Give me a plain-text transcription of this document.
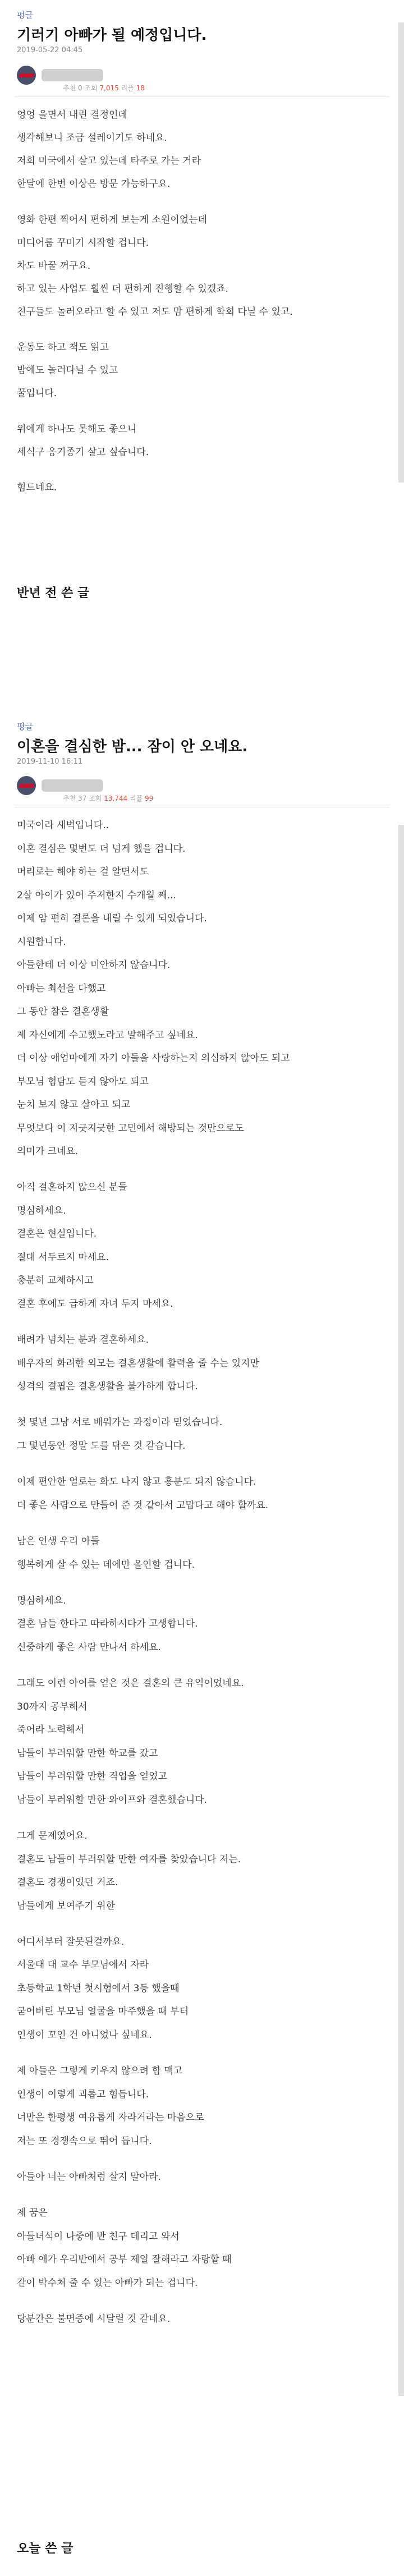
펑글
기러기 아빠가 될 예정입니다.
2019-05-22 04:45
추천 0 조회 7,015 리플 18
엉엉 울면서 내린 결정인데
생각해보니 조금 설레이기도 하네요.
저희 미국에서 살고 있는데 타주로 가는 거라
한달에 한번 이상은 방문 가능하구요.
영화 한편 찍어서 편하게 보는게 소원이었는데
미디어룸 꾸미기 시작할 겁니다.
차도 바꿀 꺼구요.
하고 있는 사업도 훨씬 더 편하게 진행할 수 있겠죠.
친구들도 놀러오라고 할 수 있고 저도 맘 편하게 학회 다닐 수 있고.
운동도 하고 책도 읽고
밤에도 놀러다닐 수 있고
꿀입니다.
위에게 하나도 못해도 좋으니
세식구 옹기종기 살고 싶습니다.
힘드네요.
반년 전 쓴 글
펑글
이혼을 결심한 밤... 잠이 안 오네요.
2019-11-10 16:11
추천 37 조회 13,744 리플 99
미국이라 새벽입니다..
이혼 결심은 몇번도 더 넘게 했을 겁니다.
머리로는 해야 하는 걸 알면서도
2살 아이가 있어 주저한지 수개월 째...
이제 암 편히 결론을 내릴 수 있게 되었습니다.
시원합니다.
아들한테 더 이상 미안하지 않습니다.
아빠는 최선을 다했고
그 동안 참은 결혼생활
제 자신에게 수고했노라고 말해주고 싶네요.
더 이상 애엄마에게 자기 아들을 사랑하는지 의심하지 않아도 되고
부모님 험담도 듣지 않아도 되고
눈치 보지 않고 살아고 되고
무엇보다 이 지긋지긋한 고민에서 해방되는 것만으로도
의미가 크네요.
아직 결혼하지 않으신 분들
명심하세요.
결혼은 현실입니다.
절대 서두르지 마세요.
충분히 교제하시고
결혼 후에도 급하게 자녀 두지 마세요.
배려가 넘치는 분과 결혼하세요.
배우자의 화려한 외모는 결혼생활에 활력을 줄 수는 있지만
성격의 결핍은 결혼생활을 불가하게 합니다.
첫 몇년 그냥 서로 배워가는 과정이라 믿었습니다.
그 몇년동안 정말 도를 닦은 것 같습니다.
이제 편안한 얼로는 화도 나지 않고 흥분도 되지 않습니다.
더 좋은 사람으로 만들어 준 것 같아서 고맙다고 해야 할까요.
남은 인생 우리 아들
행복하게 살 수 있는 데에만 올인할 겁니다.
명심하세요.
결혼 남들 한다고 따라하시다가 고생합니다.
신중하게 좋은 사람 만나서 하세요.
그래도 이런 아이를 얻은 것은 결혼의 큰 유익이었네요.
30까지 공부해서
죽어라 노력해서
남들이 부러워할 만한 학교를 갔고
남들이 부러워할 만한 직업을 얻었고
남들이 부러워할 만한 와이프와 결혼했습니다.
그게 문제였어요.
결혼도 남들이 부러워할 만한 여자를 찾았습니다 저는.
결혼도 경쟁이었던 거죠.
남들에게 보여주기 위한
어디서부터 잘못된걸까요.
서울대 대 교수 부모님에서 자라
초등학교 1학년 첫시험에서 3등 했을때
굳어버린 부모님 얼굴을 마주했을 때 부터
인생이 꼬인 건 아니었나 싶네요.
제 아들은 그렇게 키우지 않으려 합 맥고
인생이 이렇게 괴롭고 힘듭니다.
너만은 한평생 여유롭게 자라거라는 마음으로
저는 또 경쟁속으로 뛰어 듭니다.
아들아 너는 아빠처럼 살지 말아라.
제 꿈은
아들녀석이 나중에 반 친구 데리고 와서
아빠 애가 우리반에서 공부 제일 잘해라고 자랑할 때
같이 박수쳐 줄 수 있는 아빠가 되는 겁니다.
당분간은 불면증에 시달릴 것 같네요.
오늘 쓴 글
